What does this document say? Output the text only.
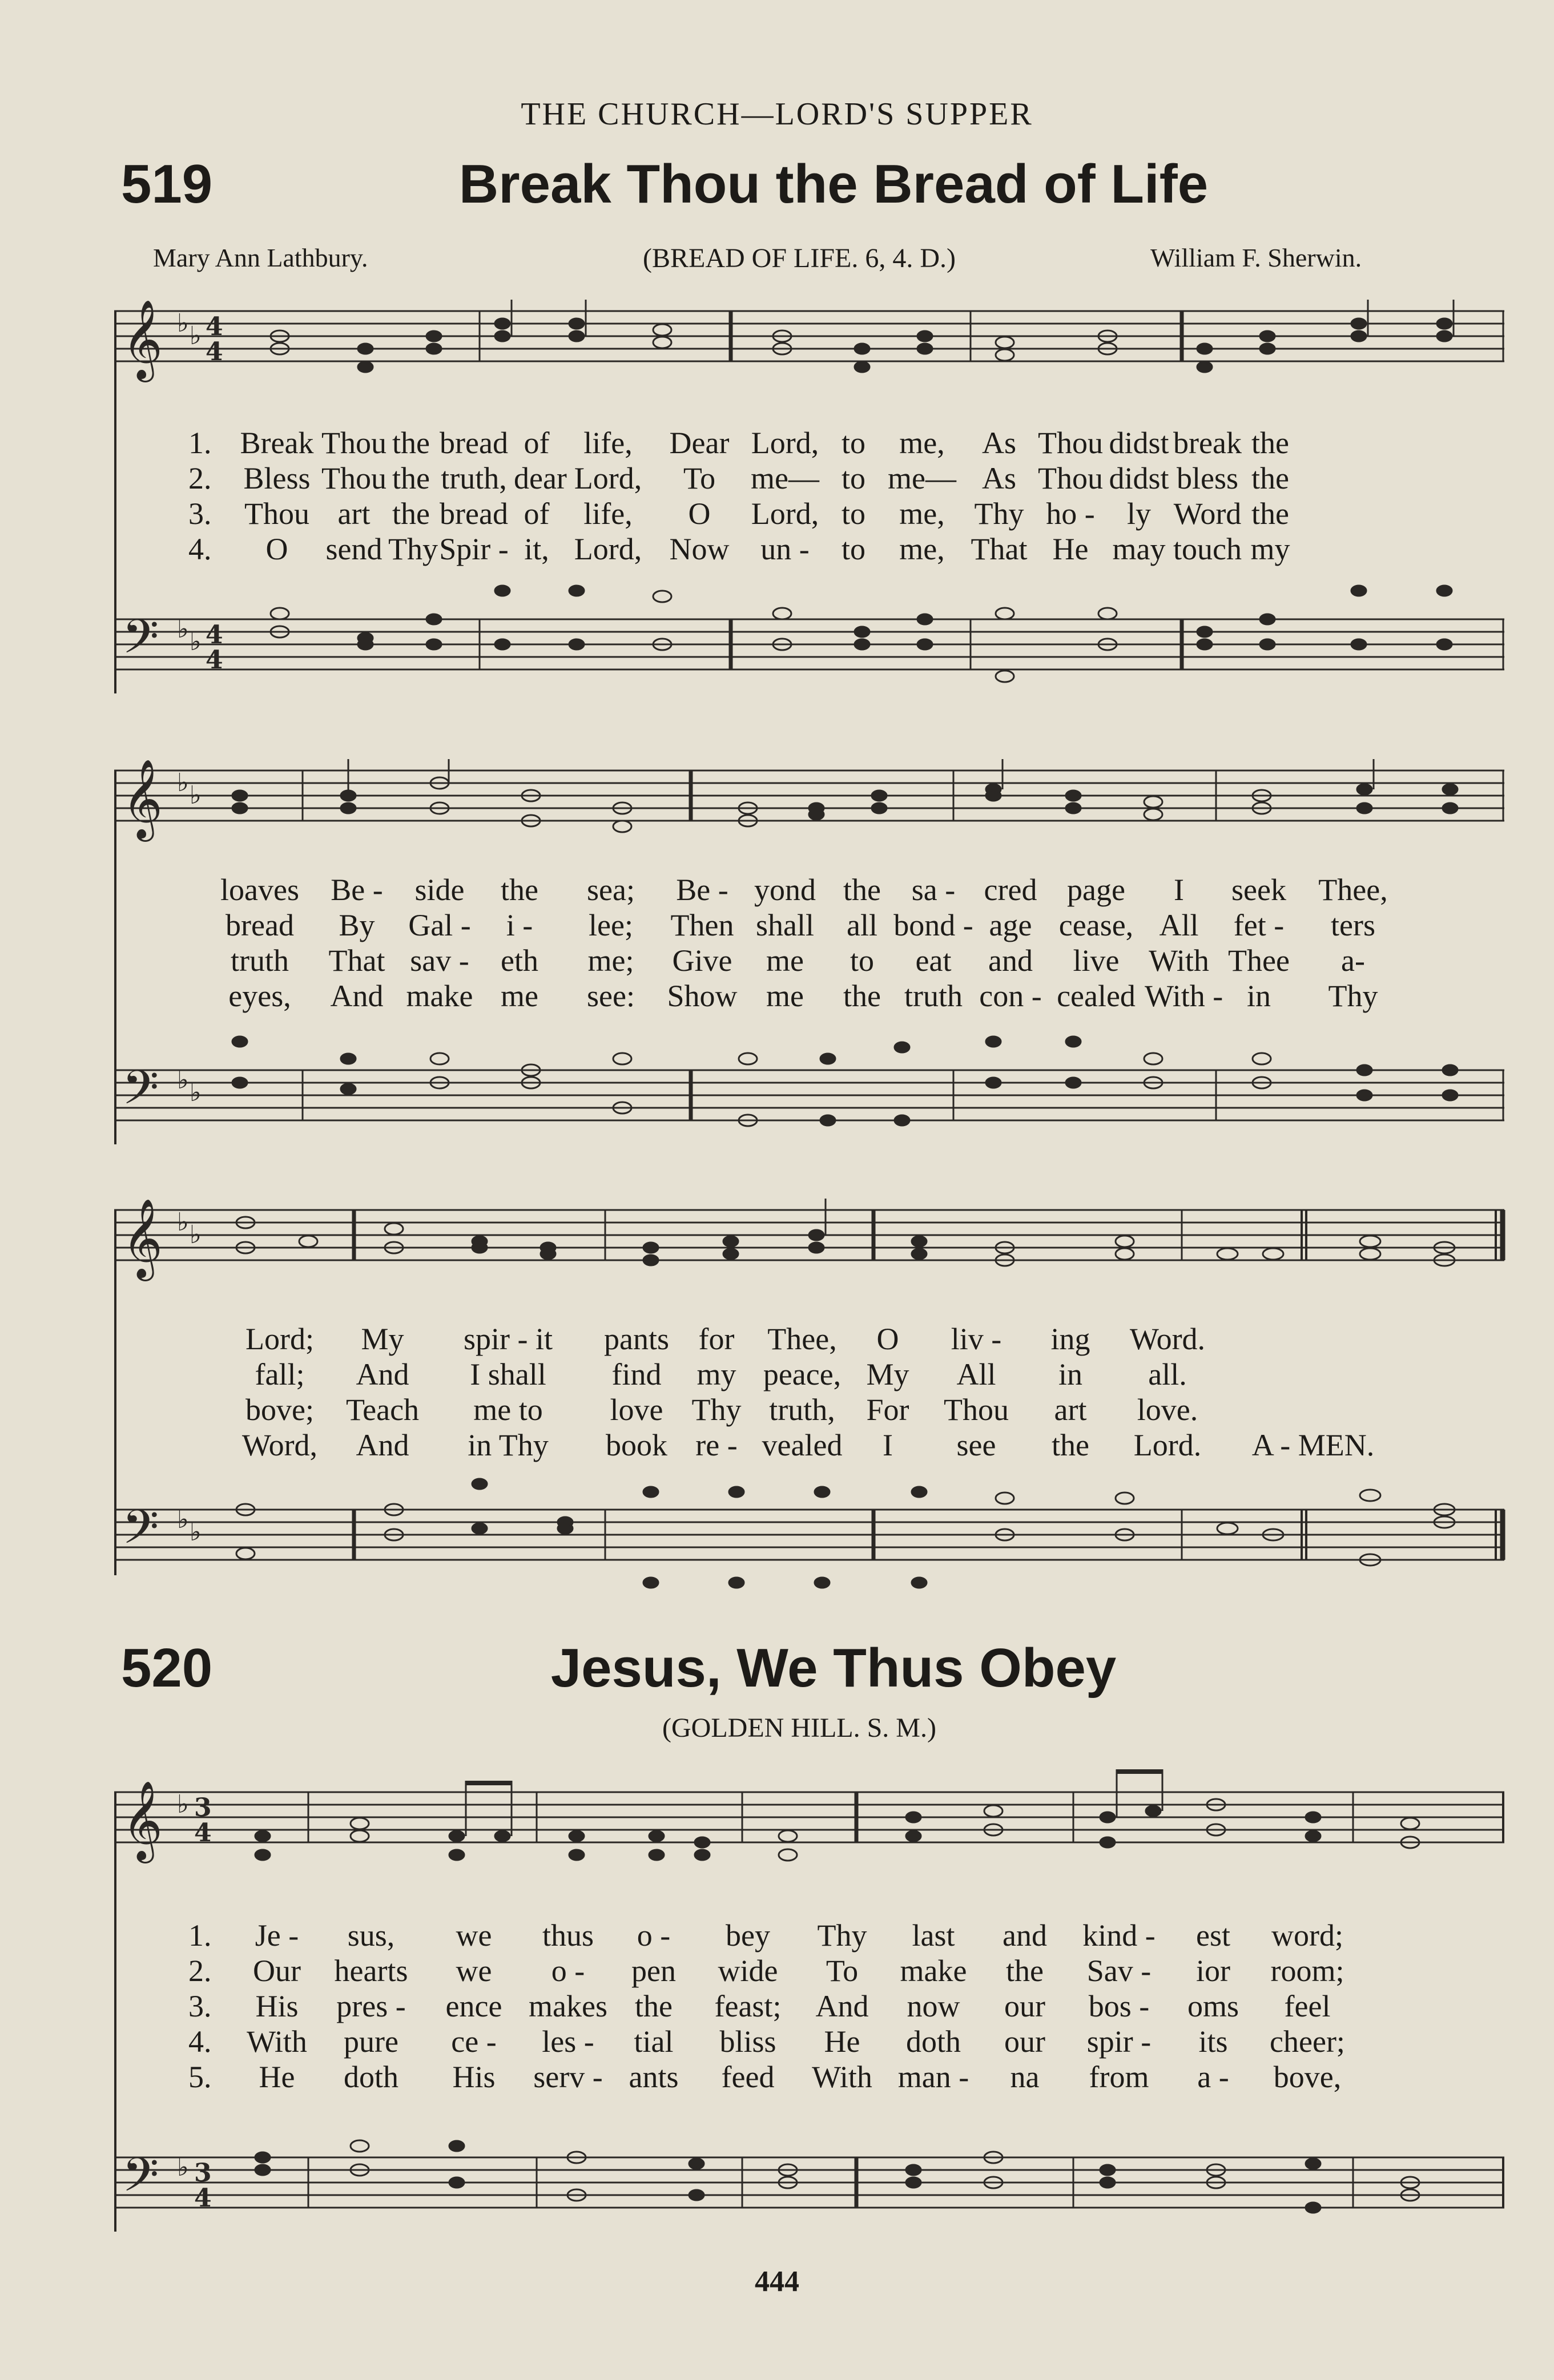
THE CHURCH—LORD'S SUPPER
519	Break Thou the Bread of Life
Mary Ann Lathbury.	(BREAD OF LIFE. 6, 4. D.)	William F. Sherwin.
𝄞
𝄢
♭ ♭
♭ ♭
4
4
4
4
1. Break Thou the bread of	life,	Dear Lord, to	me,	As Thou didst break the
2.	Bless Thou the truth, dear Lord,	To	me— to me— As Thou didst bless the
3.	Thou art the bread of	life,	O	Lord, to	me, Thy ho -	ly Word the
4.	O	send Thy Spir - it, Lord, Now	un -	to	me, That He may touch my
𝄞
𝄢
♭ ♭
♭ ♭
loaves	Be -	side	the	sea;	Be - yond the sa - cred page	I	seek	Thee,
bread	By	Gal -	i -	lee;	Then shall	all bond - age cease, All	fet -	ters
truth	That sav -	eth	me;	Give	me	to	eat	and	live With Thee	a-
eyes,	And make me	see:	Show me	the truth con - cealed With - in	Thy
𝄞
𝄢
♭ ♭
♭ ♭
Lord;	My	spir - it	pants for	Thee,	O	liv -	ing	Word.
fall;	And	I shall	find	my peace, My	All	in	all.
bove;	Teach	me to	love Thy truth,	For	Thou	art	love.
Word,	And	in Thy	book re - vealed	I	see	the	Lord.	A - MEN.
520	Jesus, We Thus Obey
(GOLDEN HILL. S. M.)
𝄞
𝄢
♭
♭
3
4
3
4
1.	Je -	sus,	we	thus	o -	bey	Thy	last	and	kind -	est	word;
2.	Our	hearts	we	o -	pen	wide	To	make	the	Sav -	ior	room;
3.	His	pres -	ence makes the	feast;	And	now	our	bos -	oms	feel
4.	With	pure	ce -	les -	tial	bliss	He	doth	our	spir -	its	cheer;
5.	He	doth	His	serv - ants	feed	With man -	na	from	a -	bove,
444
